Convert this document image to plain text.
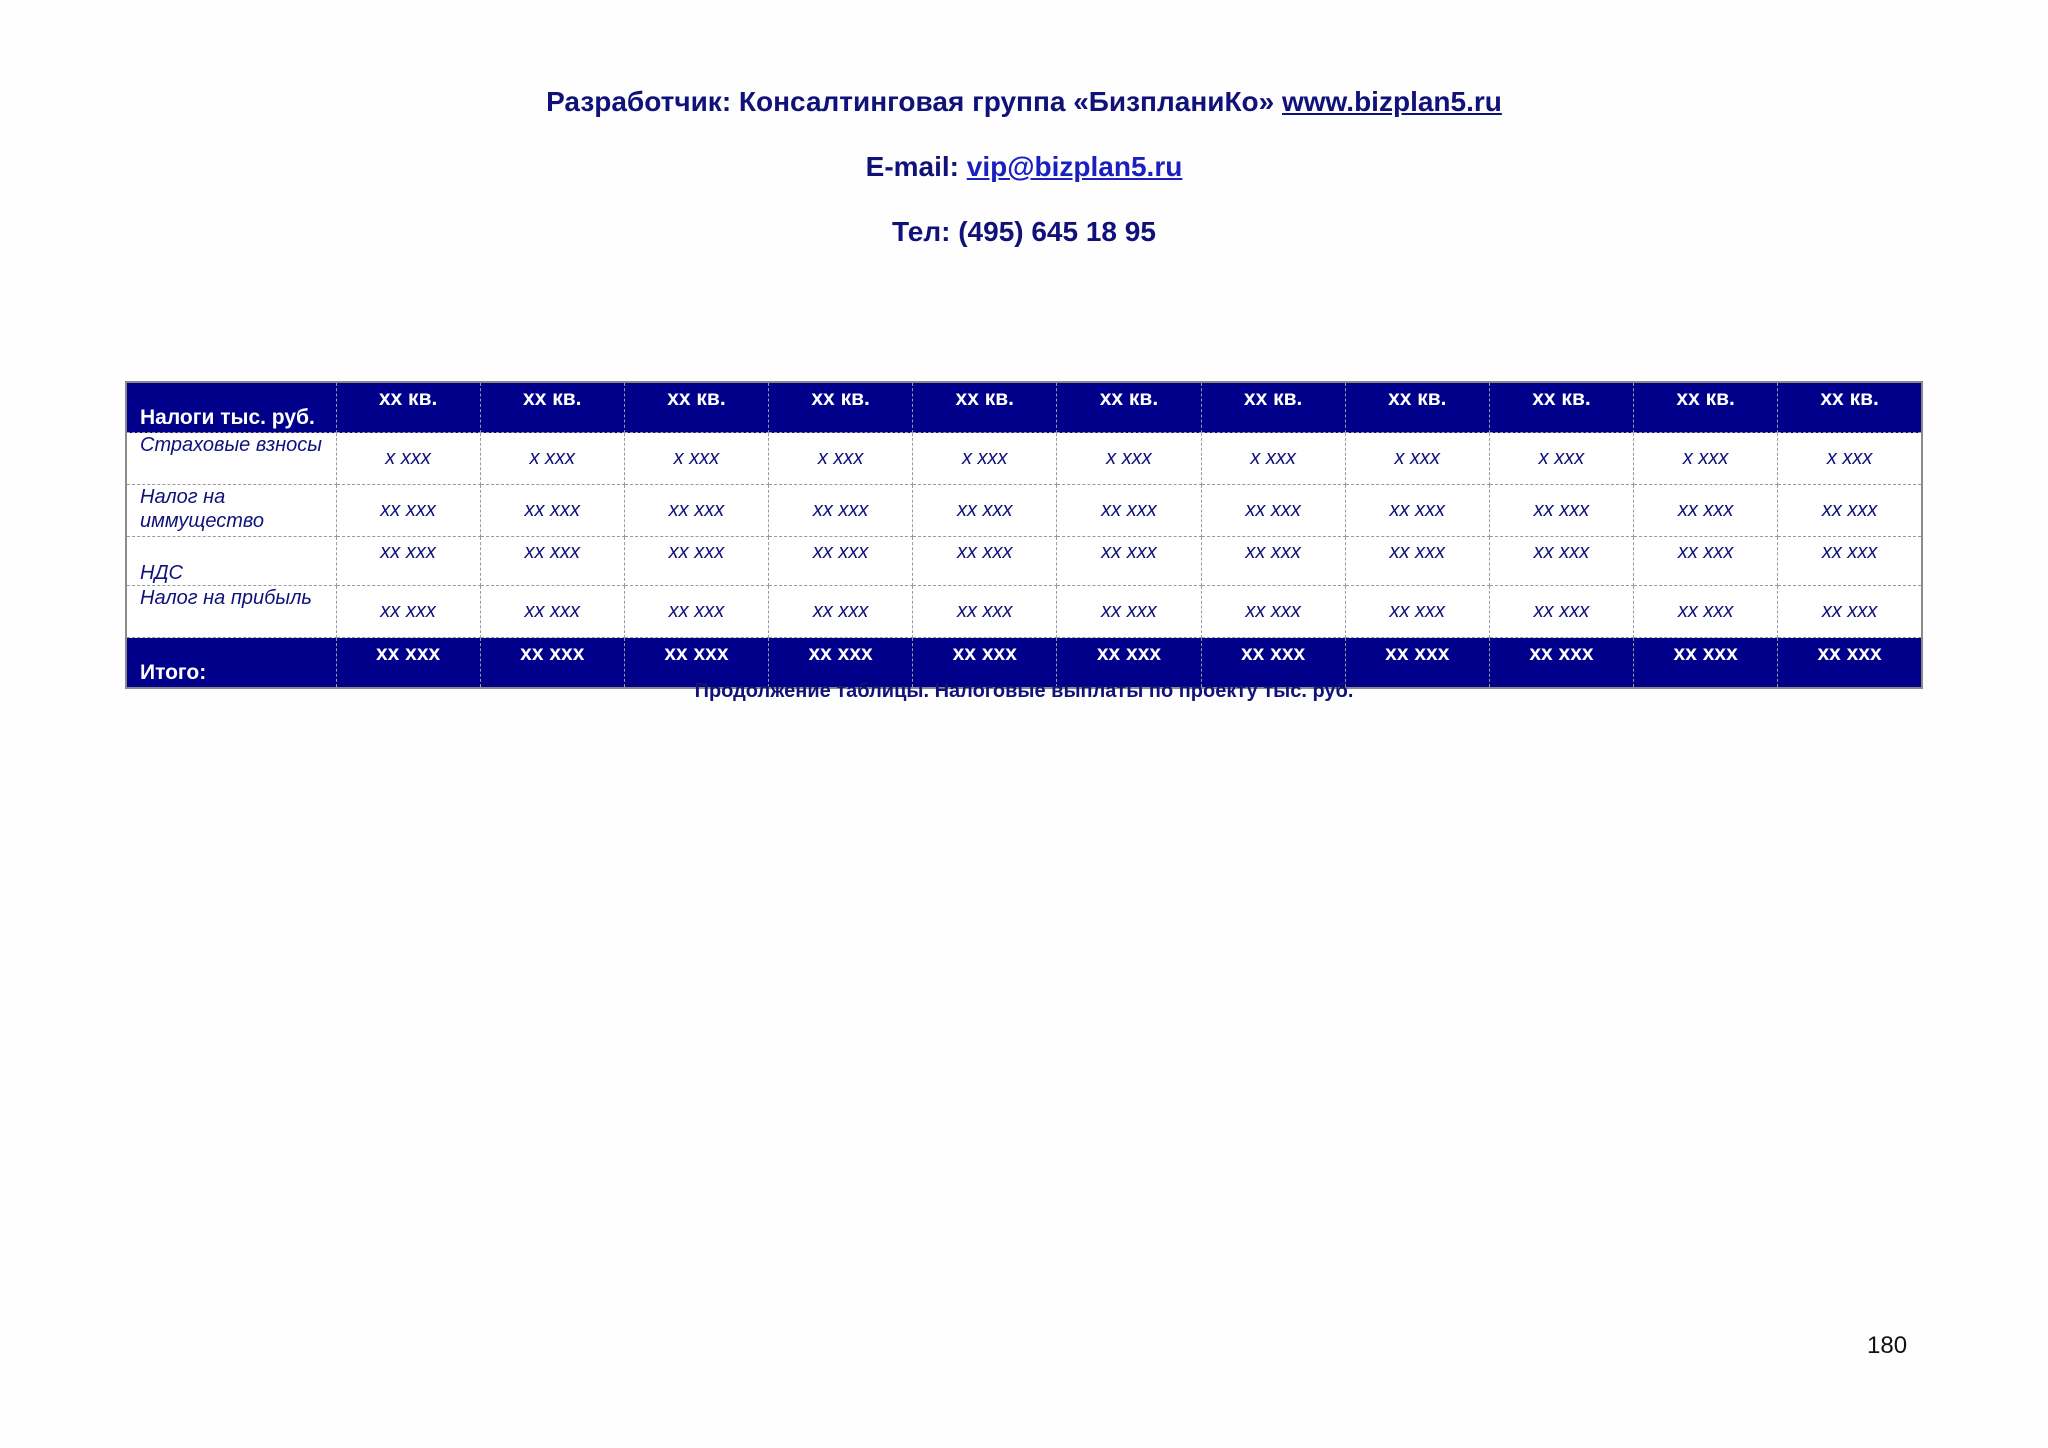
Разработчик: Консалтинговая группа «БизпланиКо» www.bizplan5.ru
E-mail: vip@bizplan5.ru
Тел: (495) 645 18 95
Налоги тыс. руб.	xx кв.	xx кв.	xx кв.	xx кв.	xx кв.	xx кв.	xx кв.	xx кв.	xx кв.	xx кв.	xx кв.
Страховые взносы	x xxx	x xxx	x xxx	x xxx	x xxx	x xxx	x xxx	x xxx	x xxx	x xxx	x xxx
Налог на иммущество	xx xxx	xx xxx	xx xxx	xx xxx	xx xxx	xx xxx	xx xxx	xx xxx	xx xxx	xx xxx	xx xxx
НДС	xx xxx	xx xxx	xx xxx	xx xxx	xx xxx	xx xxx	xx xxx	xx xxx	xx xxx	xx xxx	xx xxx
Налог на прибыль	xx xxx	xx xxx	xx xxx	xx xxx	xx xxx	xx xxx	xx xxx	xx xxx	xx xxx	xx xxx	xx xxx
Итого:	xx xxx	xx xxx	xx xxx	xx xxx	xx xxx	xx xxx	xx xxx	xx xxx	xx xxx	xx xxx	xx xxx
Продолжение таблицы. Налоговые выплаты по проекту тыс. руб.
180
